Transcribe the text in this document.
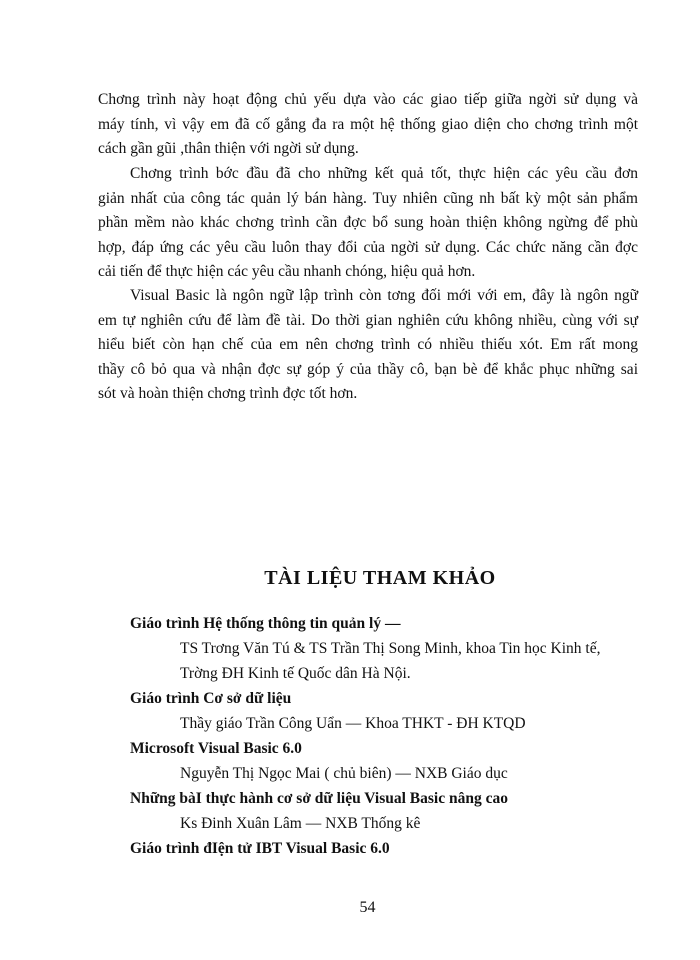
Chơng trình này hoạt động chủ yếu dựa vào các giao tiếp giữa ngời sử dụng và
máy tính, vì vậy em đã cố gắng đa ra một hệ thống giao diện cho chơng trình một
cách gần gũi ,thân thiện với ngời sử dụng.
Chơng trình bớc đầu đã cho những kết quả tốt, thực hiện các yêu cầu đơn
giản nhất của công tác quản lý bán hàng. Tuy nhiên cũng nh bất kỳ một sản phẩm
phần mềm nào khác chơng trình cần đợc bổ sung hoàn thiện không ngừng để phù
hợp, đáp ứng các yêu cầu luôn thay đổi của ngời sử dụng. Các chức năng cần đợc
cải tiến để thực hiện các yêu cầu nhanh chóng, hiệu quả hơn.
Visual Basic là ngôn ngữ lập trình còn tơng đối mới với em, đây là ngôn ngữ
em tự nghiên cứu để làm đề tài. Do thời gian nghiên cứu không nhiều, cùng với sự
hiểu biết còn hạn chế của em nên chơng trình có nhiều thiếu xót. Em rất mong
thầy cô bỏ qua và nhận đợc sự góp ý của thầy cô, bạn bè để khắc phục những sai
sót và hoàn thiện chơng trình đợc tốt hơn.
TÀI LIỆU THAM KHẢO
Giáo trình Hệ thống thông tin quản lý —
TS Trơng Văn Tú & TS Trần Thị Song Minh, khoa Tin học Kinh tế,
Trờng ĐH Kinh tế Quốc dân Hà Nội.
Giáo trình Cơ sở dữ liệu
Thầy giáo Trần Công Uẩn — Khoa THKT - ĐH KTQD
Microsoft Visual Basic 6.0
Nguyễn Thị Ngọc Mai ( chủ biên) — NXB Giáo dục
Những bàI thực hành cơ sở dữ liệu Visual Basic nâng cao
Ks Đinh Xuân Lâm — NXB Thống kê
Giáo trình đIện tử IBT Visual Basic 6.0
54
